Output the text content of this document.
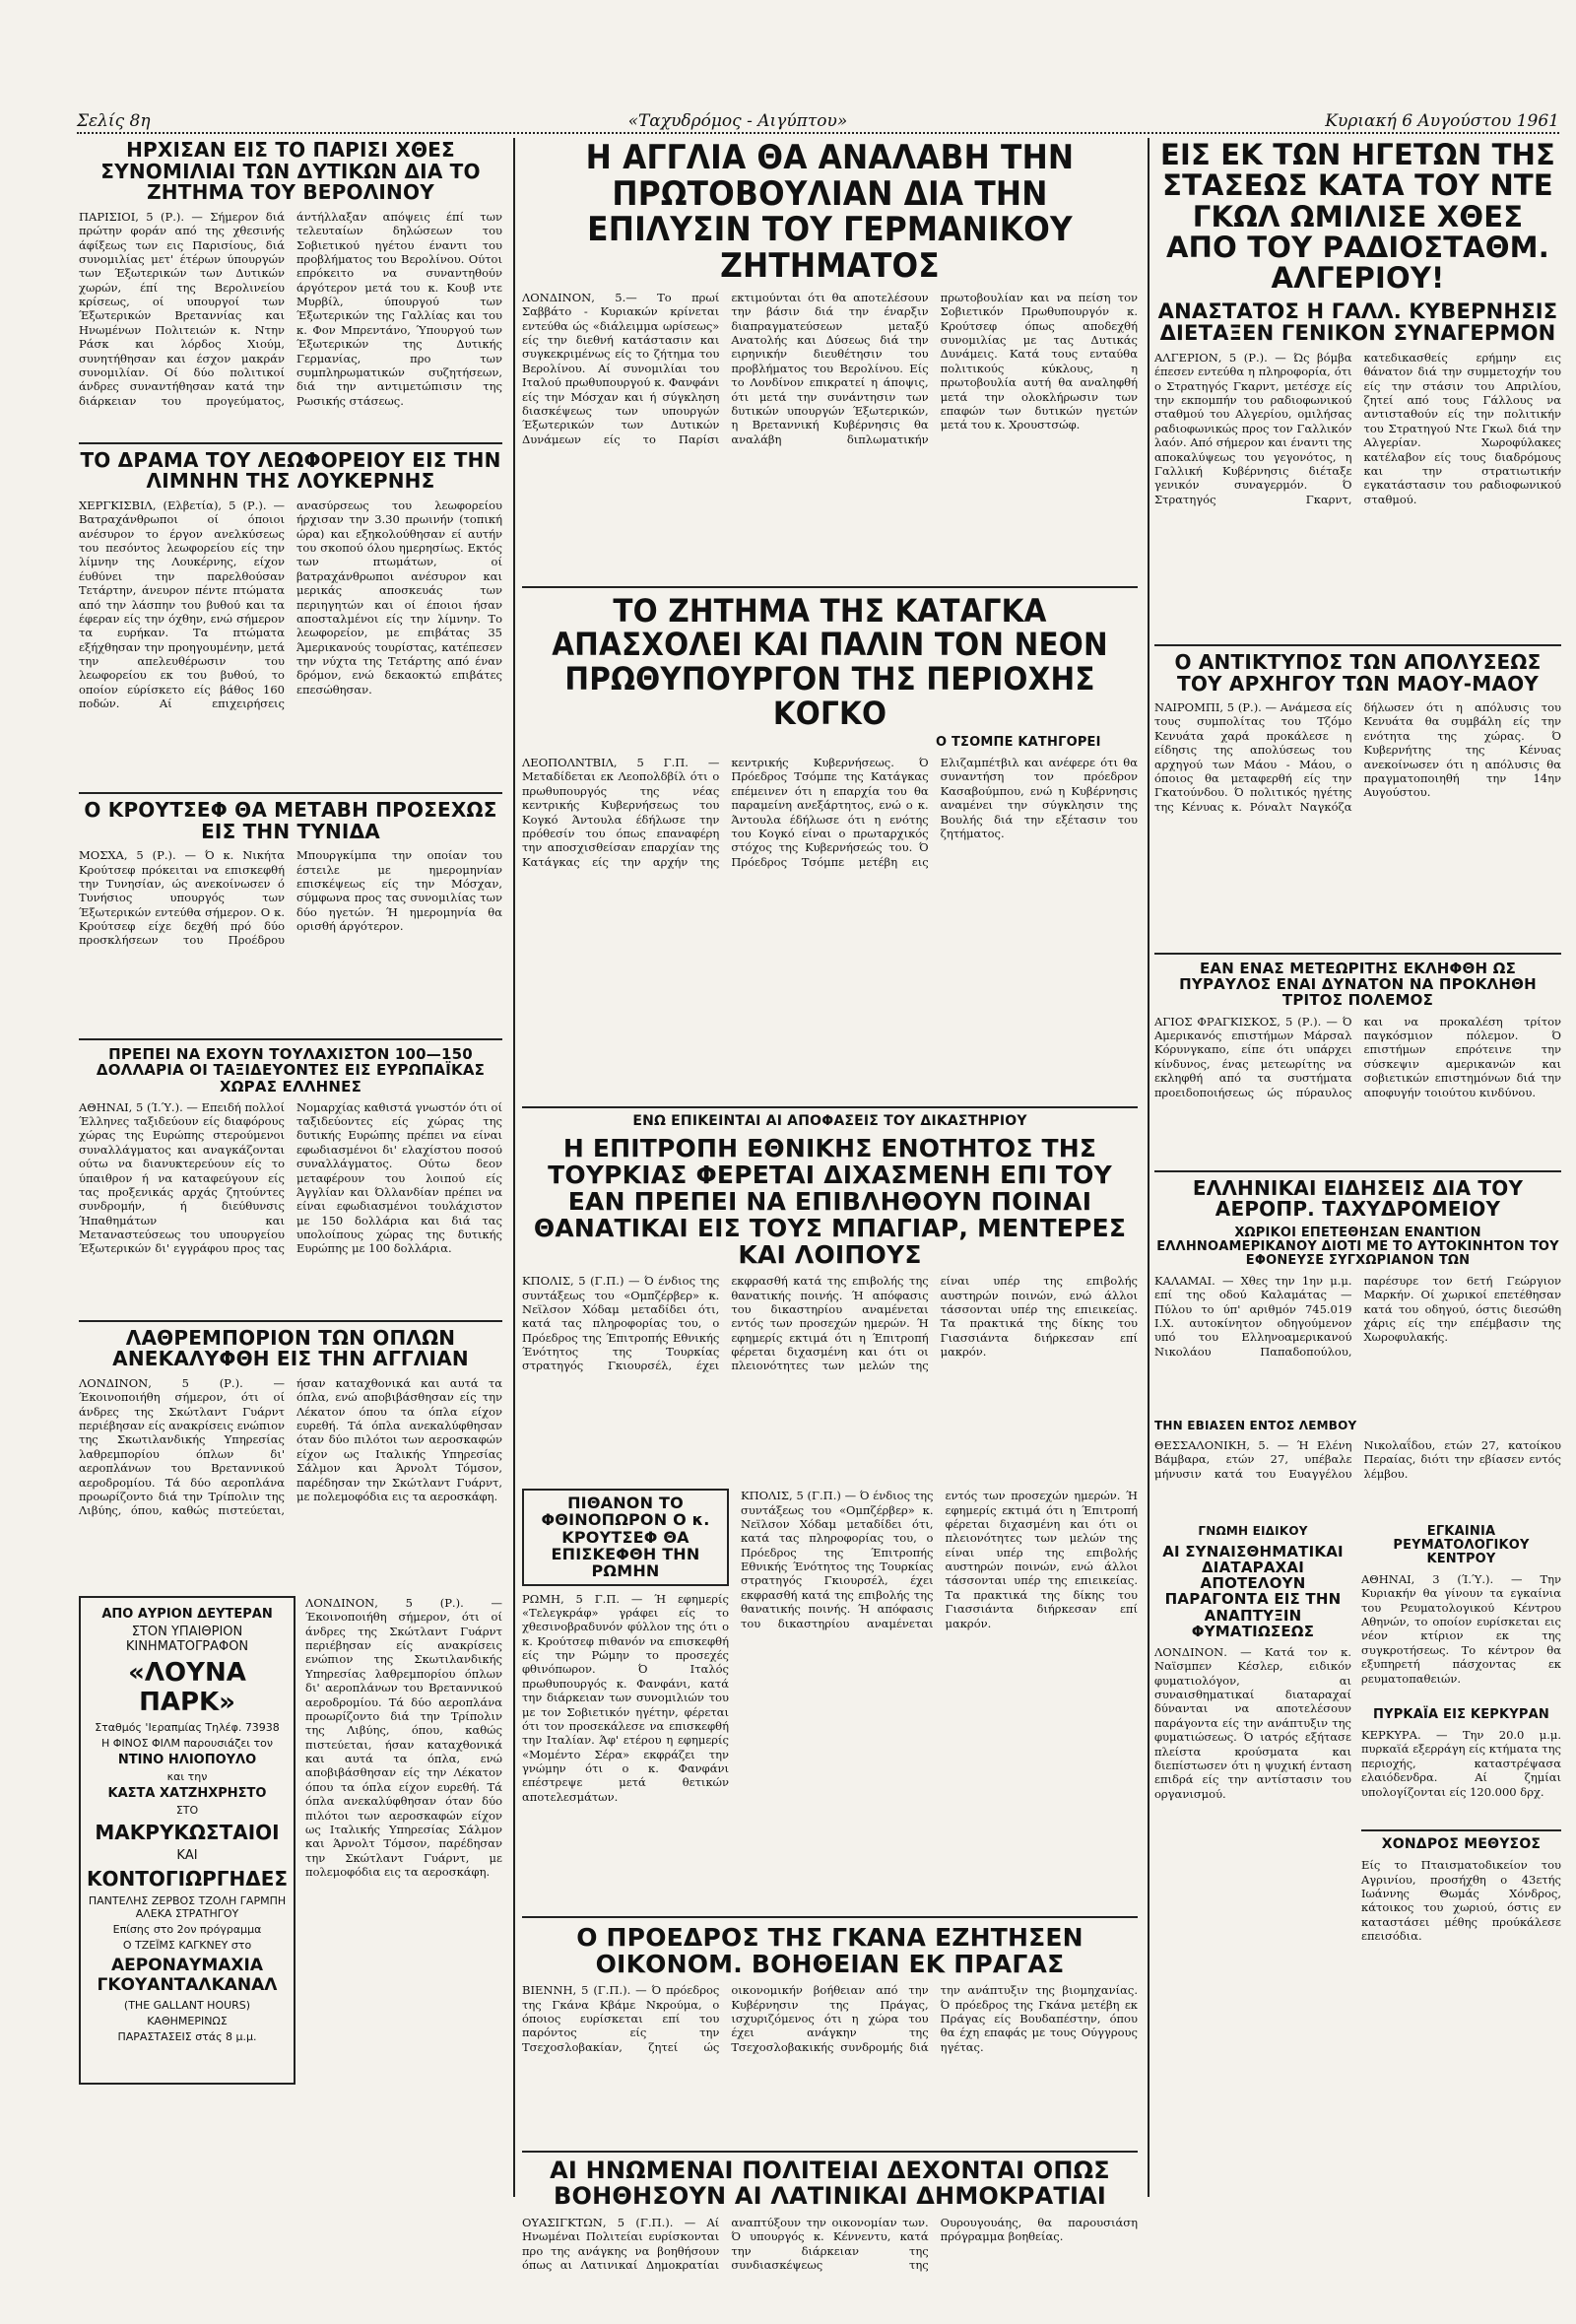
Σελίς 8η	«Ταχυδρόμος - Αιγύπτου»	Κυριακή 6 Αυγούστου 1961
ΗΡΧΙΣΑΝ ΕΙΣ ΤΟ ΠΑΡΙΣΙ ΧΘΕΣ ΣΥΝΟΜΙΛΙΑΙ ΤΩΝ ΔΥΤΙΚΩΝ ΔΙΑ ΤΟ ΖΗΤΗΜΑ ΤΟΥ ΒΕΡΟΛΙΝΟΥ
ΠΑΡΙΣΙΟΙ, 5 (Ρ.). — Σήμερον διά πρώτην φοράν από της χθεσινής άφίξεως των εις Παρισίους, διά συνομιλίας μετ' έτέρων ύπουργών των Έξωτερικών των Δυτικών χωρών, έπί της Βερολινείου κρίσεως, οί υπουργοί των Έξωτερικών Βρεταννίας και Ηνωμένων Πολιτειών κ. Ντην Ράσκ και λόρδος Χιούμ, συνητήθησαν και έσχον μακράν συνομιλίαν. Οί δύο πολιτικοί άνδρες συναντήθησαν κατά την διάρκειαν του προγεύματος, άντήλλαξαν απόψεις έπί των τελευταίων δηλώσεων του Σοβιετικού ηγέτου έναντι του προβλήματος του Βερολίνου. Ούτοι επρόκειτο να συναντηθούν άργότερον μετά του κ. Κουβ ντε Μυρβίλ, ύπουργού των Έξωτερικών της Γαλλίας και του κ. Φον Μπρεντάνο, Ύπουργού των Έξωτερικών της Δυτικής Γερμανίας, προ των συμπληρωματικών συζητήσεων, διά την αντιμετώπισιν της Ρωσικής στάσεως.
ΤΟ ΔΡΑΜΑ ΤΟΥ ΛΕΩΦΟΡΕΙΟΥ ΕΙΣ ΤΗΝ ΛΙΜΝΗΝ ΤΗΣ ΛΟΥΚΕΡΝΗΣ
ΧΕΡΓΚΙΣΒΙΛ, (Ελβετία), 5 (Ρ.). — Βατραχάνθρωποι οί όποιοι ανέσυρον το έργον ανελκύσεως του πεσόντος λεωφορείου είς την λίμνην της Λουκέρνης, είχον έυθύνει την παρελθούσαν Τετάρτην, άνευρον πέντε πτώματα από την λάσπην του βυθού και τα έφεραν είς την όχθην, ενώ σήμερον τα ευρήκαν. Τα πτώματα εξήχθησαν την προηγουμένην, μετά την απελευθέρωσιν του λεωφορείου εκ του βυθού, το οποίον εύρίσκετο είς βάθος 160 ποδών. Αί επιχειρήσεις ανασύρσεως του λεωφορείου ήρχισαν την 3.30 πρωινήν (τοπική ώρα) και εξηκολούθησαν εί αυτήν του σκοπού όλου ημερησίως. Εκτός των πτωμάτων, οί βατραχάνθρωποι ανέσυρον και μερικάς αποσκευάς των περιηγητών και οί έποιοι ήσαν αποσταλμένοι είς την λίμνην. Το λεωφορείον, με επιβάτας 35 Άμερικανούς τουρίστας, κατέπεσεν την νύχτα της Τετάρτης από έναν δρόμον, ενώ δεκαοκτώ επιβάτες επεσώθησαν.
Ο ΚΡΟΥΤΣΕΦ ΘΑ ΜΕΤΑΒΗ ΠΡΟΣΕΧΩΣ ΕΙΣ ΤΗΝ ΤΥΝΙΔΑ
ΜΟΣΧΑ, 5 (Ρ.). — Ό κ. Νικήτα Κρούτσεφ πρόκειται να επισκεφθή την Τυνησίαν, ώς ανεκοίνωσεν ό Τυνήσιος υπουργός των Έξωτερικών εντεύθα σήμερον. Ο κ. Κρούτσεφ είχε δεχθή πρό δύο προσκλήσεων του Προέδρου Μπουργκίμπα την οποίαν του έστειλε με ημερομηνίαν επισκέψεως είς την Μόσχαν, σύμφωνα προς τας συνομιλίας των δύο ηγετών. Ή ημερομηνία θα ορισθή άργότερον.
ΠΡΕΠΕΙ ΝΑ ΕΧΟΥΝ ΤΟΥΛΑΧΙΣΤΟΝ 100—150 ΔΟΛΛΑΡΙΑ ΟΙ ΤΑΞΙΔΕΥΟΝΤΕΣ ΕΙΣ ΕΥΡΩΠΑΪΚΑΣ ΧΩΡΑΣ ΕΛΛΗΝΕΣ
ΑΘΗΝΑΙ, 5 (Ί.Ύ.). — Επειδή πολλοί Έλληνες ταξιδεύουν είς διαφόρους χώρας της Ευρώπης στερούμενοι συναλλάγματος και αναγκάζονται ούτω να διανυκτερεύουν είς το ύπαιθρον ή να καταφεύγουν είς τας προξενικάς αρχάς ζητούντες συνδρομήν, ή διεύθυνσις Ήπαθημάτων και Μεταναστεύσεως του υπουργείου Έξωτερικών δι' εγγράφου προς τας Νομαρχίας καθιστά γνωστόν ότι οί ταξιδεύοντες είς χώρας της δυτικής Ευρώπης πρέπει να είναι εφωδιασμένοι δι' ελαχίστου ποσού συναλλάγματος. Ούτω δεον μεταφέρουν του λοιπού είς Άγγλίαν και Όλλανδίαν πρέπει να είναι εφωδιασμένοι τουλάχιστον με 150 δολλάρια και διά τας υπολοίπους χώρας της δυτικής Ευρώπης με 100 δολλάρια.
ΛΑΘΡΕΜΠΟΡΙΟΝ ΤΩΝ ΟΠΛΩΝ ΑΝΕΚΑΛΥΦΘΗ ΕΙΣ ΤΗΝ ΑΓΓΛΙΑΝ
ΛΟΝΔΙΝΟΝ, 5 (Ρ.). — Έκοινοποιήθη σήμερον, ότι οί άνδρες της Σκώτλαντ Γυάρντ περιέβησαν είς ανακρίσεις ενώπιον της Σκωτιλανδικής Υπηρεσίας λαθρεμπορίου όπλων δι' αεροπλάνων του Βρεταννικού αεροδρομίου. Τά δύο αεροπλάνα προωρίζοντο διά την Τρίπολιν της Λιβύης, όπου, καθώς πιστεύεται, ήσαν καταχθονικά και αυτά τα όπλα, ενώ αποβιβάσθησαν είς την Λέκατον όπου τα όπλα είχον ευρεθή. Τά όπλα ανεκαλύφθησαν όταν δύο πιλότοι των αεροσκαφών είχον ως Ιταλικής Υπηρεσίας Σάλμον και Άρνολτ Τόμσον, παρέδησαν την Σκώτλαντ Γυάρντ, με πολεμοφόδια εις τα αεροσκάφη.
ΑΠΟ ΑΥΡΙΟΝ ΔΕΥΤΕΡΑΝ
ΣΤΟΝ ΥΠΑΙΘΡΙΟΝ ΚΙΝΗΜΑΤΟΓΡΑΦΟΝ
«ΛΟΥΝΑ ΠΑΡΚ»
Σταθμός 'Ιεραπμίας Τηλέφ. 73938
Η ΦΙΝΟΣ ΦΙΛΜ παρουσιάζει τον
ΝΤΙΝΟ ΗΛΙΟΠΟΥΛΟ
και την
ΚΑΣΤΑ ΧΑΤΖΗΧΡΗΣΤΟ
ΣΤΟ
ΜΑΚΡΥΚΩΣΤΑΙΟΙ
ΚΑΙ
ΚΟΝΤΟΓΙΩΡΓΗΔΕΣ
ΠΑΝΤΕΛΗΣ ΖΕΡΒΟΣ ΤΖΟΛΗ ΓΑΡΜΠΗ ΑΛΕΚΑ ΣΤΡΑΤΗΓΟΥ
Επίσης στο 2ον πρόγραμμα
Ο ΤΖΕΪΜΣ ΚΑΓΚΝΕΥ στο
ΑΕΡΟΝΑΥΜΑΧΙΑ ΓΚΟΥΑΝΤΑΛΚΑΝΑΛ
(THE GALLANT HOURS)
ΚΑΘΗΜΕΡΙΝΩΣ
ΠΑΡΑΣΤΑΣΕΙΣ στάς 8 μ.μ.
ΛΟΝΔΙΝΟΝ, 5 (Ρ.). — Έκοινοποιήθη σήμερον, ότι οί άνδρες της Σκώτλαντ Γυάρντ περιέβησαν είς ανακρίσεις ενώπιον της Σκωτιλανδικής Υπηρεσίας λαθρεμπορίου όπλων δι' αεροπλάνων του Βρεταννικού αεροδρομίου. Τά δύο αεροπλάνα προωρίζοντο διά την Τρίπολιν της Λιβύης, όπου, καθώς πιστεύεται, ήσαν καταχθονικά και αυτά τα όπλα, ενώ αποβιβάσθησαν είς την Λέκατον όπου τα όπλα είχον ευρεθή. Τά όπλα ανεκαλύφθησαν όταν δύο πιλότοι των αεροσκαφών είχον ως Ιταλικής Υπηρεσίας Σάλμον και Άρνολτ Τόμσον, παρέδησαν την Σκώτλαντ Γυάρντ, με πολεμοφόδια εις τα αεροσκάφη.
Η ΑΓΓΛΙΑ ΘΑ ΑΝΑΛΑΒΗ ΤΗΝ ΠΡΩΤΟΒΟΥΛΙΑΝ ΔΙΑ ΤΗΝ ΕΠΙΛΥΣΙΝ ΤΟΥ ΓΕΡΜΑΝΙΚΟΥ ΖΗΤΗΜΑΤΟΣ
ΛΟΝΔΙΝΟΝ, 5.— Το πρωί Σαββάτο - Κυριακών κρίνεται εντεύθα ώς «διάλειμμα ωρίσεως» είς την διεθνή κατάστασιν και συγκεκριμένως είς το ζήτημα του Βερολίνου. Αί συνομιλίαι του Ιταλού πρωθυπουργού κ. Φανφάνι είς την Μόσχαν και ή σύγκληση διασκέψεως των υπουργών Έξωτερικών των Δυτικών Δυνάμεων είς το Παρίσι εκτιμούνται ότι θα αποτελέσουν την βάσιν διά την έναρξιν διαπραγματεύσεων μεταξύ Ανατολής και Δύσεως διά την ειρηνικήν διευθέτησιν του προβλήματος του Βερολίνου. Είς το Λονδίνον επικρατεί η άποψις, ότι μετά την συνάντησιν των δυτικών υπουργών Έξωτερικών, η Βρεταννική Κυβέρνησις θα αναλάβη διπλωματικήν πρωτοβουλίαν και να πείση τον Σοβιετικόν Πρωθυπουργόν κ. Κρούτσεφ όπως αποδεχθή συνομιλίας με τας Δυτικάς Δυνάμεις. Κατά τους ενταύθα πολιτικούς κύκλους, η πρωτοβουλία αυτή θα αναληφθή μετά την ολοκλήρωσιν των επαφών των δυτικών ηγετών μετά του κ. Χρουστσώφ.
ΤΟ ΖΗΤΗΜΑ ΤΗΣ ΚΑΤΑΓΚΑ ΑΠΑΣΧΟΛΕΙ ΚΑΙ ΠΑΛΙΝ ΤΟΝ ΝΕΟΝ ΠΡΩΘΥΠΟΥΡΓΟΝ ΤΗΣ ΠΕΡΙΟΧΗΣ ΚΟΓΚΟ
Ο ΤΣΟΜΠΕ ΚΑΤΗΓΟΡΕΙ
ΛΕΟΠΟΛΝΤΒΙΛ, 5 Γ.Π. — Μεταδίδεται εκ Λεοπολδβίλ ότι ο πρωθυπουργός της νέας κεντρικής Κυβερνήσεως του Κογκό Άντουλα έδήλωσε την πρόθεσίν του όπως επαναφέρη την αποσχισθείσαν επαρχίαν της Κατάγκας είς την αρχήν της κεντρικής Κυβερνήσεως. Ό Πρόεδρος Τσόμπε της Κατάγκας επέμεινεν ότι η επαρχία του θα παραμείνη ανεξάρτητος, ενώ ο κ. Άντουλα έδήλωσε ότι η ενότης του Κογκό είναι ο πρωταρχικός στόχος της Κυβερνήσεώς του. Ό Πρόεδρος Τσόμπε μετέβη εις Ελιζαμπέτβιλ και ανέφερε ότι θα συναντήση τον πρόεδρον Κασαβούμπου, ενώ η Κυβέρνησις αναμένει την σύγκλησιν της Βουλής διά την εξέτασιν του ζητήματος.
ΕΝΩ ΕΠΙΚΕΙΝΤΑΙ ΑΙ ΑΠΟΦΑΣΕΙΣ ΤΟΥ ΔΙΚΑΣΤΗΡΙΟΥ
Η ΕΠΙΤΡΟΠΗ ΕΘΝΙΚΗΣ ΕΝΟΤΗΤΟΣ ΤΗΣ ΤΟΥΡΚΙΑΣ ΦΕΡΕΤΑΙ ΔΙΧΑΣΜΕΝΗ ΕΠΙ ΤΟΥ ΕΑΝ ΠΡΕΠΕΙ ΝΑ ΕΠΙΒΛΗΘΟΥΝ ΠΟΙΝΑΙ ΘΑΝΑΤΙΚΑΙ ΕΙΣ ΤΟΥΣ ΜΠΑΓΙΑΡ, ΜΕΝΤΕΡΕΣ ΚΑΙ ΛΟΙΠΟΥΣ
ΚΠΟΛΙΣ, 5 (Γ.Π.) — Ό ένδιος της συντάξεως του «Ομπζέρβερ» κ. Νεϊλσον Χόδαμ μεταδίδει ότι, κατά τας πληροφορίας του, ο Πρόεδρος της Έπιτροπής Εθνικής Ένότητος της Τουρκίας στρατηγός Γκιουρσέλ, έχει εκφρασθή κατά της επιβολής της θανατικής ποινής. Ή απόφασις του δικαστηρίου αναμένεται εντός των προσεχών ημερών. Ή εφημερίς εκτιμά ότι η Έπιτροπή φέρεται διχασμένη και ότι οι πλειονότητες των μελών της είναι υπέρ της επιβολής αυστηρών ποινών, ενώ άλλοι τάσσονται υπέρ της επιεικείας. Τα πρακτικά της δίκης του Γιασσιάντα διήρκεσαν επί μακρόν.
ΠΙΘΑΝΟΝ ΤΟ ΦΘΙΝΟΠΩΡΟΝ Ο κ. ΚΡΟΥΤΣΕΦ ΘΑ ΕΠΙΣΚΕΦΘΗ ΤΗΝ ΡΩΜΗΝ
ΡΩΜΗ, 5 Γ.Π. — Ή εφημερίς «Τελεγκράφ» γράφει είς το χθεσινοβραδυνόν φύλλον της ότι ο κ. Κρούτσεφ πιθανόν να επισκεφθή είς την Ρώμην το προσεχές φθινόπωρον. Ό Ιταλός πρωθυπουργός κ. Φανφάνι, κατά την διάρκειαν των συνομιλιών του με τον Σοβιετικόν ηγέτην, φέρεται ότι τον προσεκάλεσε να επισκεφθή την Ιταλίαν. Άφ' ετέρου η εφημερίς «Μομέντο Σέρα» εκφράζει την γνώμην ότι ο κ. Φανφάνι επέστρεψε μετά θετικών αποτελεσμάτων.
ΚΠΟΛΙΣ, 5 (Γ.Π.) — Ό ένδιος της συντάξεως του «Ομπζέρβερ» κ. Νεϊλσον Χόδαμ μεταδίδει ότι, κατά τας πληροφορίας του, ο Πρόεδρος της Έπιτροπής Εθνικής Ένότητος της Τουρκίας στρατηγός Γκιουρσέλ, έχει εκφρασθή κατά της επιβολής της θανατικής ποινής. Ή απόφασις του δικαστηρίου αναμένεται εντός των προσεχών ημερών. Ή εφημερίς εκτιμά ότι η Έπιτροπή φέρεται διχασμένη και ότι οι πλειονότητες των μελών της είναι υπέρ της επιβολής αυστηρών ποινών, ενώ άλλοι τάσσονται υπέρ της επιεικείας. Τα πρακτικά της δίκης του Γιασσιάντα διήρκεσαν επί μακρόν.
Ο ΠΡΟΕΔΡΟΣ ΤΗΣ ΓΚΑΝΑ ΕΖΗΤΗΣΕΝ ΟΙΚΟΝΟΜ. ΒΟΗΘΕΙΑΝ ΕΚ ΠΡΑΓΑΣ
ΒΙΕΝΝΗ, 5 (Γ.Π.). — Ό πρόεδρος της Γκάνα Κβάμε Νκρούμα, ο όποιος ευρίσκεται επί του παρόντος είς την Τσεχοσλοβακίαν, ζητεί ώς οικονομικήν βοήθειαν από την Κυβέρνησιν της Πράγας, ισχυριζόμενος ότι η χώρα του έχει ανάγκην της Τσεχοσλοβακικής συνδρομής διά την ανάπτυξιν της βιομηχανίας. Ό πρόεδρος της Γκάνα μετέβη εκ Πράγας είς Βουδαπέστην, όπου θα έχη επαφάς με τους Ούγγρους ηγέτας.
ΑΙ ΗΝΩΜΕΝΑΙ ΠΟΛΙΤΕΙΑΙ ΔΕΧΟΝΤΑΙ ΟΠΩΣ ΒΟΗΘΗΣΟΥΝ ΑΙ ΛΑΤΙΝΙΚΑΙ ΔΗΜΟΚΡΑΤΙΑΙ
ΟΥΑΣΙΓΚΤΩΝ, 5 (Γ.Π.). — Αί Ηνωμέναι Πολιτείαι ευρίσκονται προ της ανάγκης να βοηθήσουν όπως αι Λατινικαί Δημοκρατίαι αναπτύξουν την οικονομίαν των. Ό υπουργός κ. Κέννεντυ, κατά την διάρκειαν της συνδιασκέψεως της Ουρουγουάης, θα παρουσιάση πρόγραμμα βοηθείας.
ΕΙΣ ΕΚ ΤΩΝ ΗΓΕΤΩΝ ΤΗΣ ΣΤΑΣΕΩΣ ΚΑΤΑ ΤΟΥ ΝΤΕ ΓΚΩΛ ΩΜΙΛΙΣΕ ΧΘΕΣ ΑΠΟ ΤΟΥ ΡΑΔΙΟΣΤΑΘΜ. ΑΛΓΕΡΙΟΥ!
ΑΝΑΣΤΑΤΟΣ Η ΓΑΛΛ. ΚΥΒΕΡΝΗΣΙΣ ΔΙΕΤΑΞΕΝ ΓΕΝΙΚΟΝ ΣΥΝΑΓΕΡΜΟΝ
ΑΛΓΕΡΙΟΝ, 5 (Ρ.). — Ώς βόμβα έπεσεν εντεύθα η πληροφορία, ότι ο Στρατηγός Γκαρντ, μετέσχε είς την εκπομπήν του ραδιοφωνικού σταθμού του Αλγερίου, ομιλήσας ραδιοφωνικώς προς τον Γαλλικόν λαόν. Από σήμερον και έναντι της αποκαλύψεως του γεγονότος, η Γαλλική Κυβέρνησις διέταξε γενικόν συναγερμόν. Ό Στρατηγός Γκαρντ, κατεδικασθείς ερήμην εις θάνατον διά την συμμετοχήν του είς την στάσιν του Απριλίου, ζητεί από τους Γάλλους να αντισταθούν είς την πολιτικήν του Στρατηγού Ντε Γκωλ διά την Αλγερίαν. Χωροφύλακες κατέλαβον είς τους διαδρόμους και την στρατιωτικήν εγκατάστασιν του ραδιοφωνικού σταθμού.
Ο ΑΝΤΙΚΤΥΠΟΣ ΤΩΝ ΑΠΟΛΥΣΕΩΣ ΤΟΥ ΑΡΧΗΓΟΥ ΤΩΝ ΜΑΟΥ-ΜΑΟΥ
ΝΑΙΡΟΜΠΙ, 5 (Ρ.). — Ανάμεσα είς τους συμπολίτας του Τζόμο Κενυάτα χαρά προκάλεσε η είδησις της απολύσεως του αρχηγού των Μάου - Μάου, ο όποιος θα μεταφερθή είς την Γκατούνδου. Ό πολιτικός ηγέτης της Κένυας κ. Ρόναλτ Ναγκόζα δήλωσεν ότι η απόλυσις του Κενυάτα θα συμβάλη είς την ενότητα της χώρας. Ό Κυβερνήτης της Κένυας ανεκοίνωσεν ότι η απόλυσις θα πραγματοποιηθή την 14ην Αυγούστου.
ΕΑΝ ΕΝΑΣ ΜΕΤΕΩΡΙΤΗΣ ΕΚΛΗΦΘΗ ΩΣ ΠΥΡΑΥΛΟΣ ΕΝΑΙ ΔΥΝΑΤΟΝ ΝΑ ΠΡΟΚΛΗΘΗ ΤΡΙΤΟΣ ΠΟΛΕΜΟΣ
ΑΓΙΟΣ ΦΡΑΓΚΙΣΚΟΣ, 5 (Ρ.). — Ό Αμερικανός επιστήμων Μάρσαλ Κόρυνγκαπο, είπε ότι υπάρχει κίνδυνος, ένας μετεωρίτης να εκληφθή από τα συστήματα προειδοποιήσεως ώς πύραυλος και να προκαλέση τρίτον παγκόσμιον πόλεμον. Ό επιστήμων επρότεινε την σύσκεψιν αμερικανών και σοβιετικών επιστημόνων διά την αποφυγήν τοιούτου κινδύνου.
ΕΛΛΗΝΙΚΑΙ ΕΙΔΗΣΕΙΣ ΔΙΑ ΤΟΥ ΑΕΡΟΠΡ. ΤΑΧΥΔΡΟΜΕΙΟΥ
ΧΩΡΙΚΟΙ ΕΠΕΤΕΘΗΣΑΝ ΕΝΑΝΤΙΟΝ ΕΛΛΗΝΟΑΜΕΡΙΚΑΝΟΥ ΔΙΟΤΙ ΜΕ ΤΟ ΑΥΤΟΚΙΝΗΤΟΝ ΤΟΥ ΕΦΟΝΕΥΣΕ ΣΥΓΧΩΡΙΑΝΟΝ ΤΩΝ
ΚΑΛΑΜΑΙ. — Χθες την 1ην μ.μ. επί της οδού Καλαμάτας — Πύλου το ύπ' αριθμόν 745.019 Ι.Χ. αυτοκίνητον οδηγούμενον υπό του Ελληνοαμερικανού Νικολάου Παπαδοπούλου, παρέσυρε τον 6ετή Γεώργιον Μαρκήν. Οί χωρικοί επετέθησαν κατά του οδηγού, όστις διεσώθη χάρις είς την επέμβασιν της Χωροφυλακής.
ΤΗΝ ΕΒΙΑΣΕΝ ΕΝΤΟΣ ΛΕΜΒΟΥ
ΘΕΣΣΑΛΟΝΙΚΗ, 5. — Ή Ελένη Βάμβαρα, ετών 27, υπέβαλε μήνυσιν κατά του Ευαγγέλου Νικολαΐδου, ετών 27, κατοίκου Περαίας, διότι την εβίασεν εντός λέμβου.
ΓΝΩΜΗ ΕΙΔΙΚΟΥ
ΑΙ ΣΥΝΑΙΣΘΗΜΑΤΙΚΑΙ ΔΙΑΤΑΡΑΧΑΙ ΑΠΟΤΕΛΟΥΝ ΠΑΡΑΓΟΝΤΑ ΕΙΣ ΤΗΝ ΑΝΑΠΤΥΞΙΝ ΦΥΜΑΤΙΩΣΕΩΣ
ΛΟΝΔΙΝΟΝ. — Κατά τον κ. Ναϊσμπεν Κέσλερ, ειδικόν φυματιολόγον, αι συναισθηματικαί διαταραχαί δύνανται να αποτελέσουν παράγοντα είς την ανάπτυξιν της φυματιώσεως. Ό ιατρός εξήτασε πλείστα κρούσματα και διεπίστωσεν ότι η ψυχική ένταση επιδρά είς την αντίστασιν του οργανισμού.
ΕΓΚΑΙΝΙΑ ΡΕΥΜΑΤΟΛΟΓΙΚΟΥ ΚΕΝΤΡΟΥ
ΑΘΗΝΑΙ, 3 (Ί.Ύ.). — Την Κυριακήν θα γίνουν τα εγκαίνια του Ρευματολογικού Κέντρου Αθηνών, το οποίον ευρίσκεται εις νέον κτίριον εκ της συγκροτήσεως. Το κέντρον θα εξυπηρετή πάσχοντας εκ ρευματοπαθειών.
ΠΥΡΚΑΪΑ ΕΙΣ ΚΕΡΚΥΡΑΝ
ΚΕΡΚΥΡΑ. — Την 20.0 μ.μ. πυρκαϊά εξερράγη είς κτήματα της περιοχής, καταστρέψασα ελαιόδενδρα. Αί ζημίαι υπολογίζονται είς 120.000 δρχ.
ΧΟΝΔΡΟΣ ΜΕΘΥΣΟΣ
Είς το Πταισματοδικείον του Αγρινίου, προσήχθη ο 43ετής Ιωάννης Θωμάς Χόνδρος, κάτοικος του χωριού, όστις εν καταστάσει μέθης προύκάλεσε επεισόδια.
